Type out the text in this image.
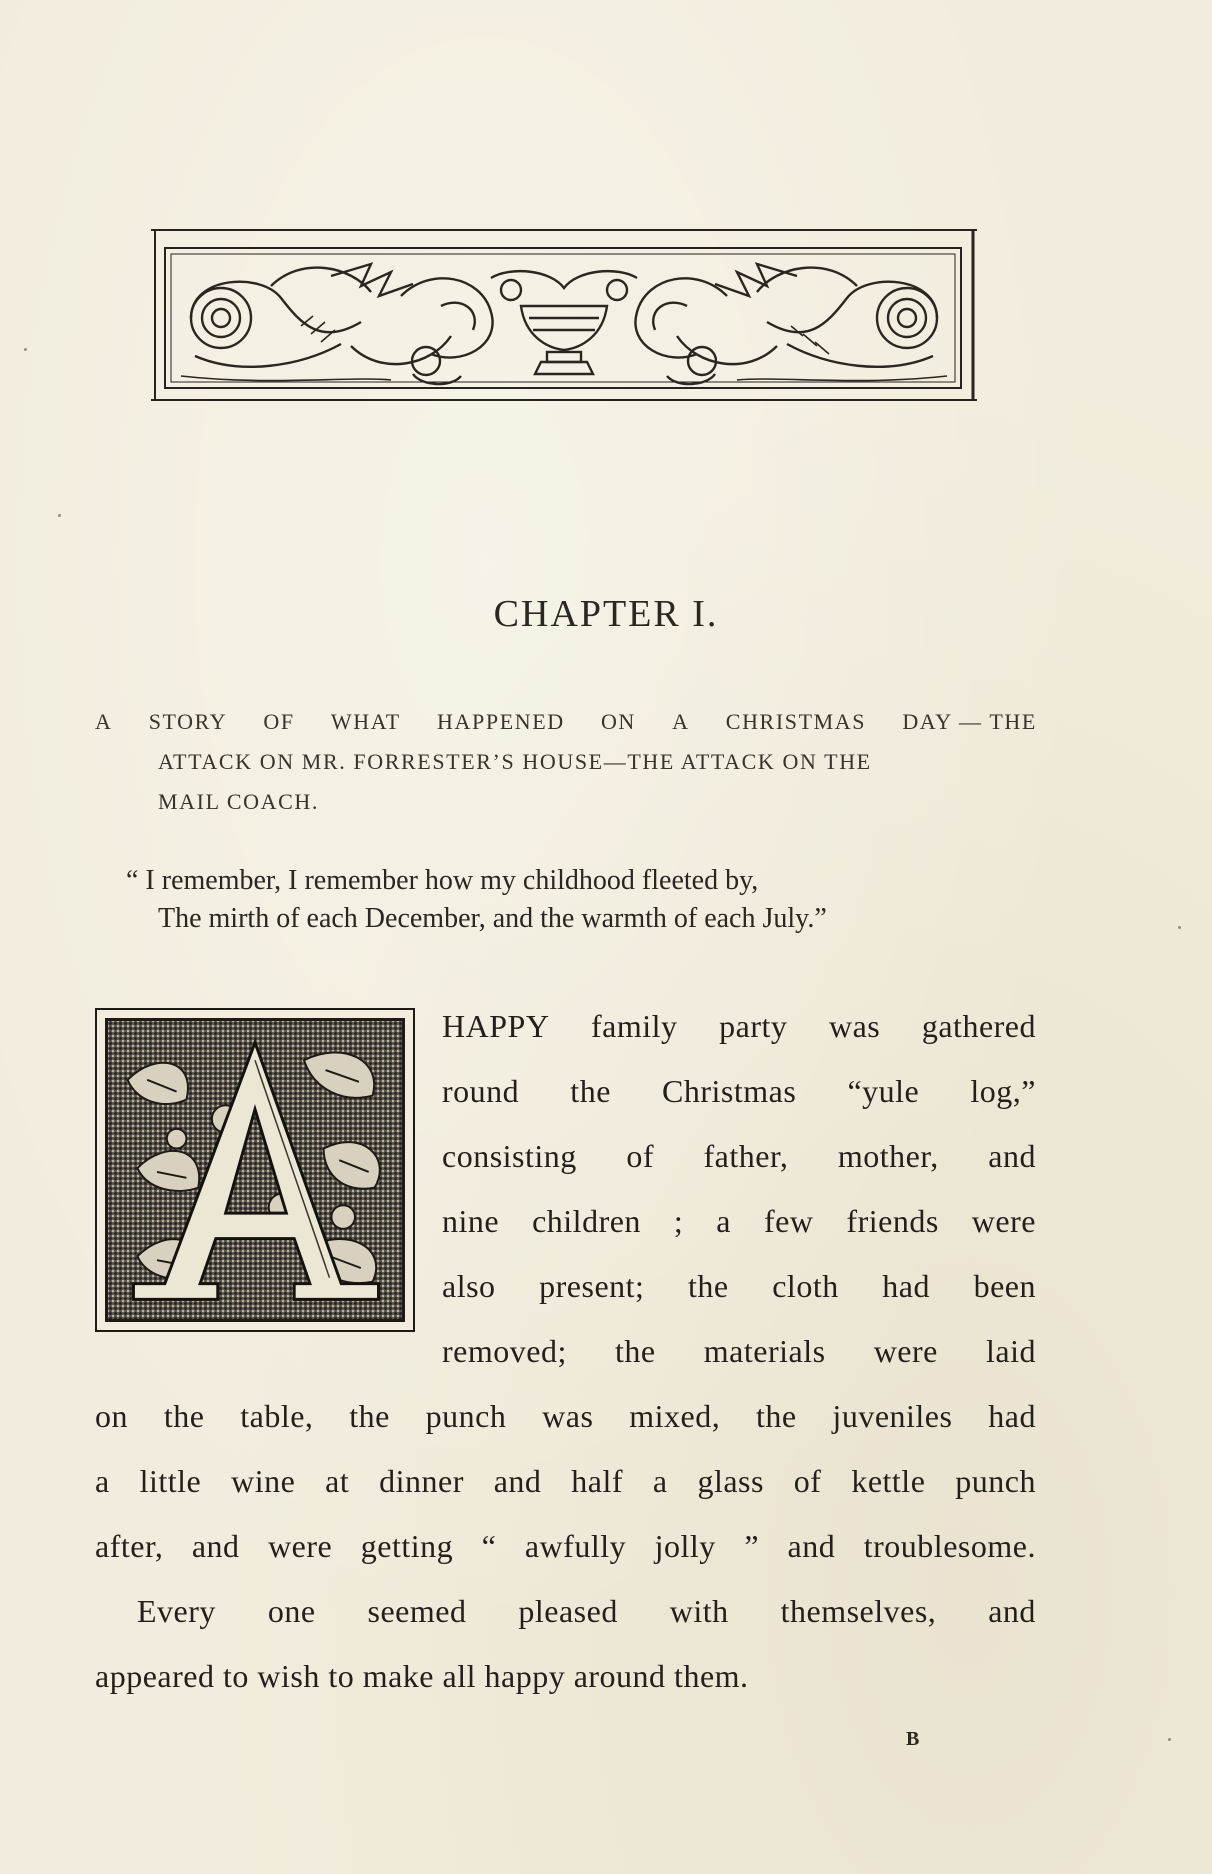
CHAPTER I.
A STORY OF WHAT HAPPENED ON A CHRISTMAS DAY — THE
ATTACK ON MR. FORRESTER’S HOUSE—THE ATTACK ON THE
MAIL COACH.
“ I remember, I remember how my childhood fleeted by,
The mirth of each December, and the warmth of each July.”
HAPPY family party was gathered
round the Christmas “yule log,”
consisting of father, mother, and
nine children ; a few friends were
also present; the cloth had been
removed; the materials were laid
on the table, the punch was mixed, the juveniles had
a little wine at dinner and half a glass of kettle punch
after, and were getting “ awfully jolly ” and troublesome.
Every one seemed pleased with themselves, and
appeared to wish to make all happy around them.
B
